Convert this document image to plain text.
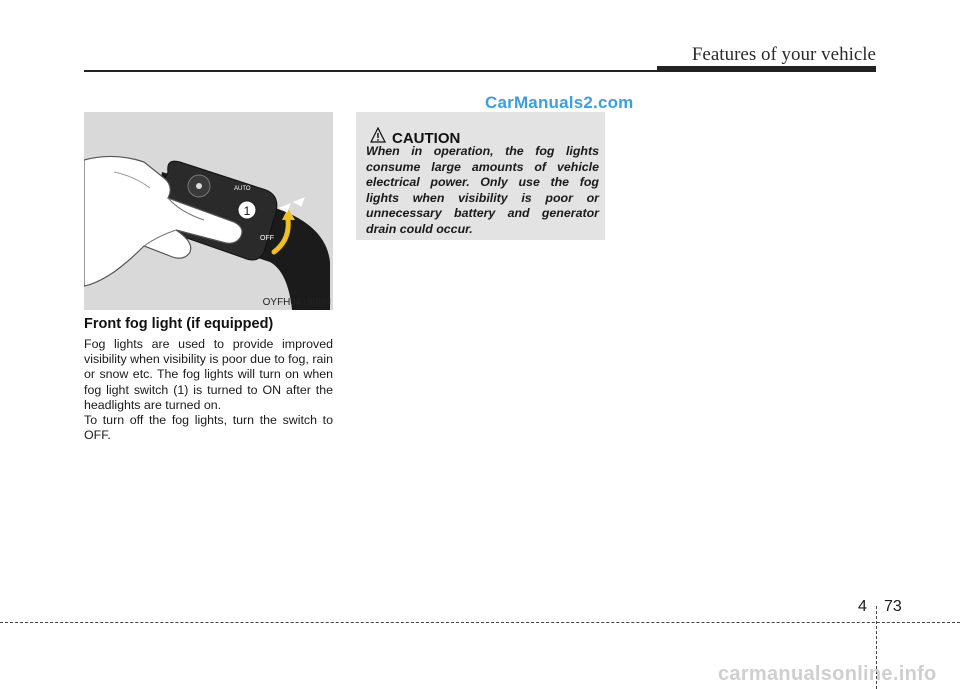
Features of your vehicle
CarManuals2.com
1
AUTO
OFF
OYFH041905N
Front fog light (if equipped)

Fog lights are used to provide improved visibility when visibility is poor due to fog, rain or snow etc. The fog lights will turn on when fog light switch (1) is turned to ON after the headlights are turned on.

To turn off the fog lights, turn the switch to OFF.

CAUTION
When in operation, the fog lights consume large amounts of vehicle electrical power. Only use the fog lights when visibility is poor or unnecessary battery and generator drain could occur.
4 73
carmanualsonline.info
